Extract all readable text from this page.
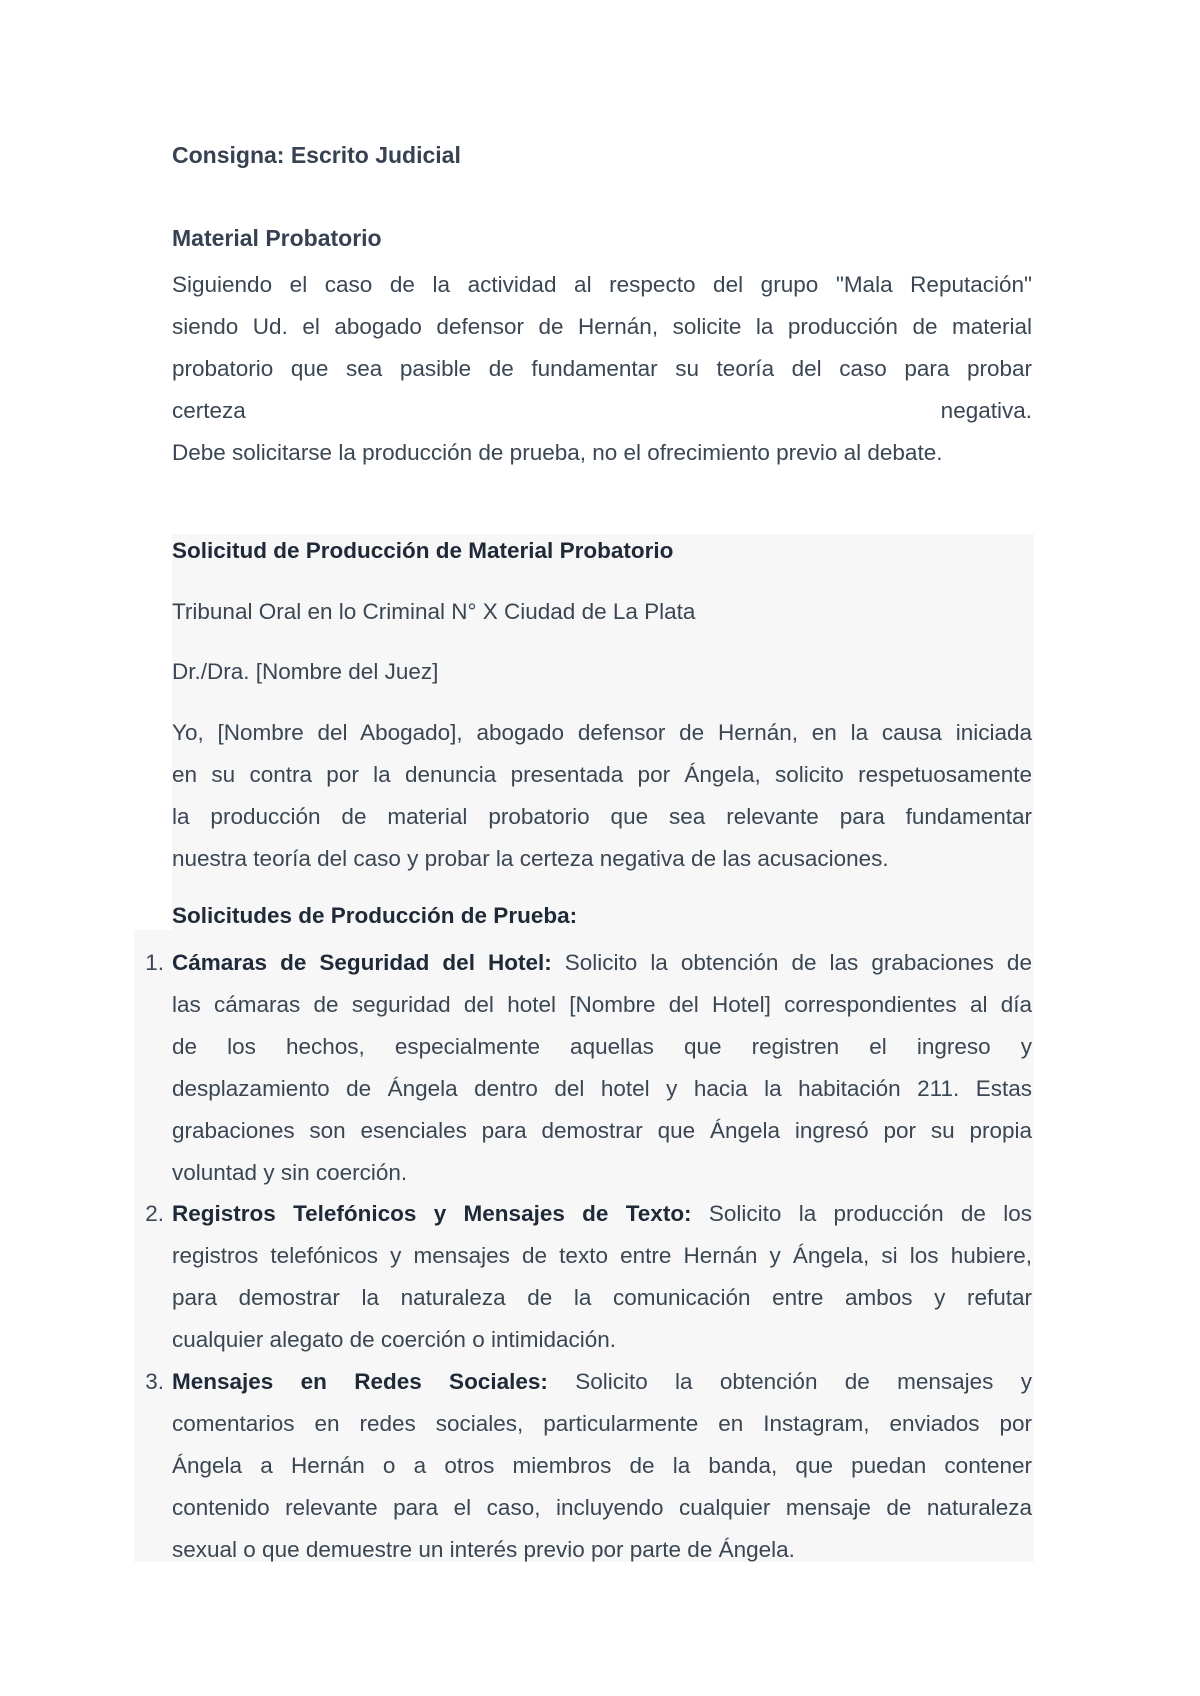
Consigna: Escrito Judicial
Material Probatorio

Siguiendo el caso de la actividad al respecto del grupo "Mala Reputación"

siendo Ud. el abogado defensor de Hernán, solicite la producción de material

probatorio que sea pasible de fundamentar su teoría del caso para probar

certeza negativa.

Debe solicitarse la producción de prueba, no el ofrecimiento previo al debate.

Solicitud de Producción de Material Probatorio

Tribunal Oral en lo Criminal N° X Ciudad de La Plata

Dr./Dra. [Nombre del Juez]

Yo, [Nombre del Abogado], abogado defensor de Hernán, en la causa iniciada

en su contra por la denuncia presentada por Ángela, solicito respetuosamente

la producción de material probatorio que sea relevante para fundamentar

nuestra teoría del caso y probar la certeza negativa de las acusaciones.

Solicitudes de Producción de Prueba:
1. Cámaras de Seguridad del Hotel: Solicito la obtención de las grabaciones de
las cámaras de seguridad del hotel [Nombre del Hotel] correspondientes al día
de los hechos, especialmente aquellas que registren el ingreso y
desplazamiento de Ángela dentro del hotel y hacia la habitación 211. Estas
grabaciones son esenciales para demostrar que Ángela ingresó por su propia
voluntad y sin coerción.
2. Registros Telefónicos y Mensajes de Texto: Solicito la producción de los
registros telefónicos y mensajes de texto entre Hernán y Ángela, si los hubiere,
para demostrar la naturaleza de la comunicación entre ambos y refutar
cualquier alegato de coerción o intimidación.
3. Mensajes en Redes Sociales: Solicito la obtención de mensajes y
comentarios en redes sociales, particularmente en Instagram, enviados por
Ángela a Hernán o a otros miembros de la banda, que puedan contener
contenido relevante para el caso, incluyendo cualquier mensaje de naturaleza
sexual o que demuestre un interés previo por parte de Ángela.
